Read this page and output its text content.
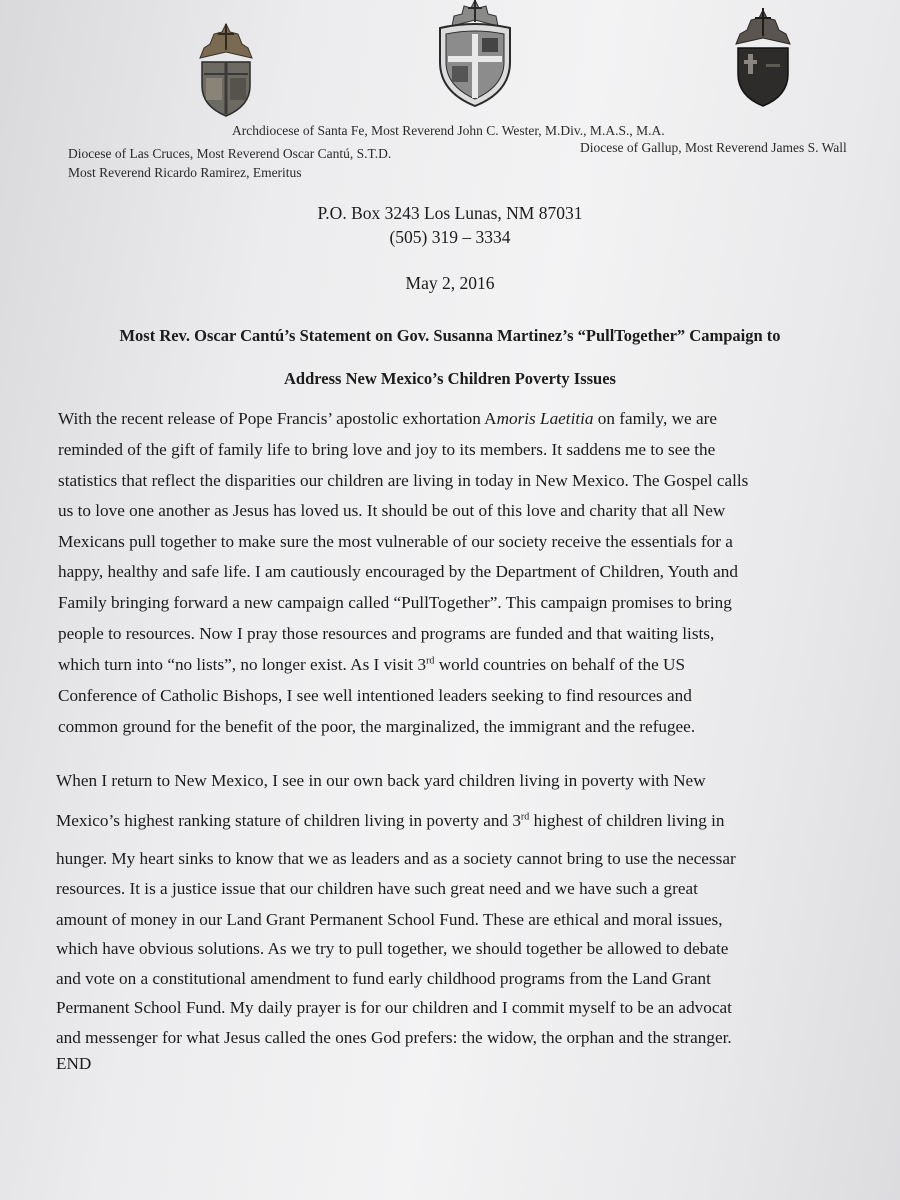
Archdiocese of Santa Fe, Most Reverend John C. Wester, M.Div., M.A.S., M.A.
Diocese of Las Cruces, Most Reverend Oscar Cantú, S.T.D.	Diocese of Gallup, Most Reverend James S. Wall
Most Reverend Ricardo Ramirez, Emeritus
P.O. Box 3243 Los Lunas, NM 87031
(505) 319 – 3334
May 2, 2016
Most Rev. Oscar Cantú’s Statement on Gov. Susanna Martinez’s “PullTogether” Campaign to
Address New Mexico’s Children Poverty Issues
With the recent release of Pope Francis’ apostolic exhortation Amoris Laetitia on family, we are
reminded of the gift of family life to bring love and joy to its members. It saddens me to see the
statistics that reflect the disparities our children are living in today in New Mexico. The Gospel calls
us to love one another as Jesus has loved us. It should be out of this love and charity that all New
Mexicans pull together to make sure the most vulnerable of our society receive the essentials for a
happy, healthy and safe life. I am cautiously encouraged by the Department of Children, Youth and
Family bringing forward a new campaign called “PullTogether”. This campaign promises to bring
people to resources. Now I pray those resources and programs are funded and that waiting lists,
which turn into “no lists”, no longer exist. As I visit 3rd world countries on behalf of the US
Conference of Catholic Bishops, I see well intentioned leaders seeking to find resources and
common ground for the benefit of the poor, the marginalized, the immigrant and the refugee.
When I return to New Mexico, I see in our own back yard children living in poverty with New
Mexico’s highest ranking stature of children living in poverty and 3rd highest of children living in
hunger. My heart sinks to know that we as leaders and as a society cannot bring to use the necessar
resources. It is a justice issue that our children have such great need and we have such a great
amount of money in our Land Grant Permanent School Fund. These are ethical and moral issues,
which have obvious solutions. As we try to pull together, we should together be allowed to debate
and vote on a constitutional amendment to fund early childhood programs from the Land Grant
Permanent School Fund. My daily prayer is for our children and I commit myself to be an advocat
and messenger for what Jesus called the ones God prefers: the widow, the orphan and the stranger.
END
